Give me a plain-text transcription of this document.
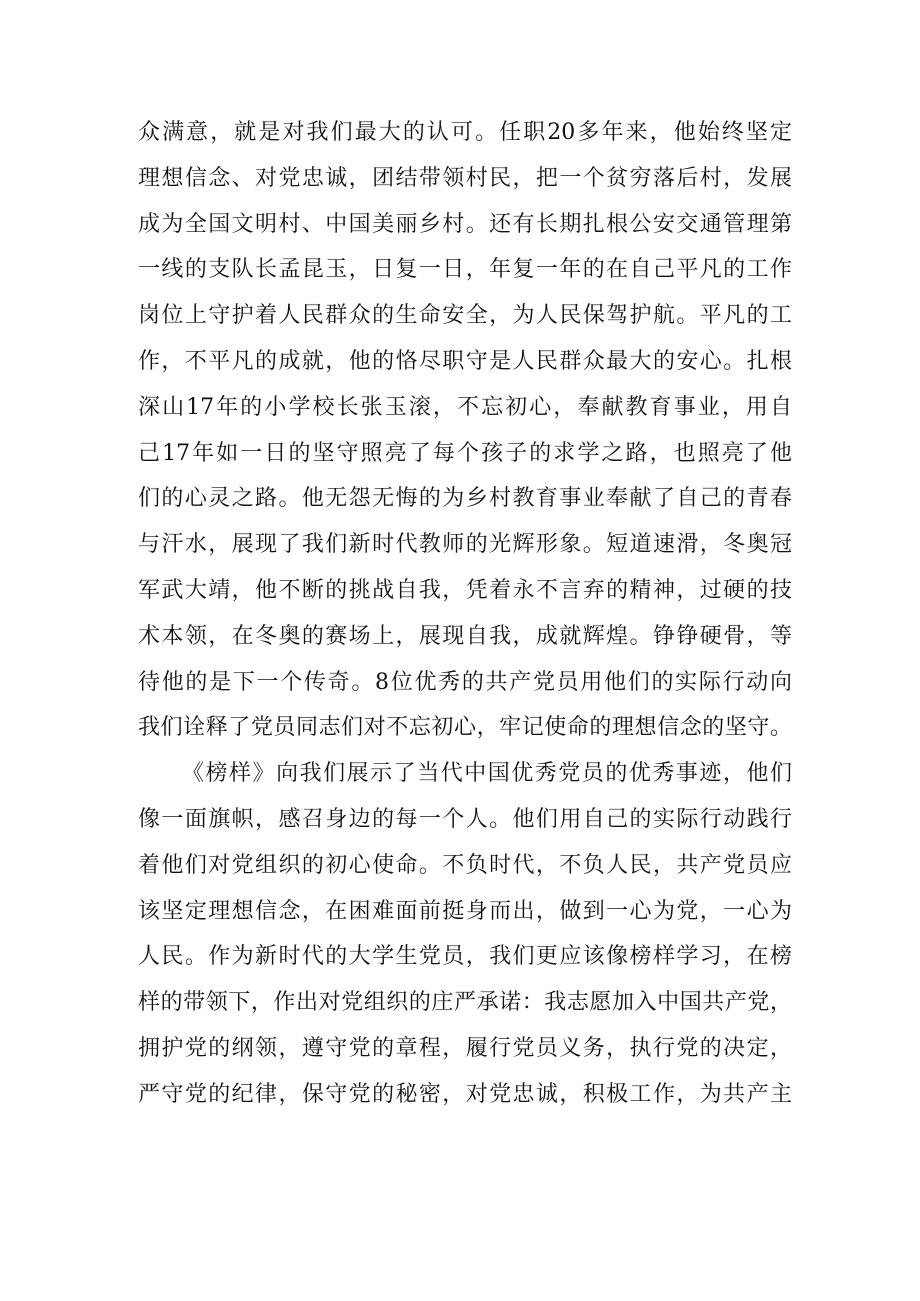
众满意，就是对我们最大的认可。任职20多年来，他始终坚定
理想信念、对党忠诚，团结带领村民，把一个贫穷落后村，发展
成为全国文明村、中国美丽乡村。还有长期扎根公安交通管理第
一线的支队长孟昆玉，日复一日，年复一年的在自己平凡的工作
岗位上守护着人民群众的生命安全，为人民保驾护航。平凡的工
作，不平凡的成就，他的恪尽职守是人民群众最大的安心。扎根
深山17年的小学校长张玉滚，不忘初心，奉献教育事业，用自
己17年如一日的坚守照亮了每个孩子的求学之路，也照亮了他
们的心灵之路。他无怨无悔的为乡村教育事业奉献了自己的青春
与汗水，展现了我们新时代教师的光辉形象。短道速滑，冬奥冠
军武大靖，他不断的挑战自我，凭着永不言弃的精神，过硬的技
术本领，在冬奥的赛场上，展现自我，成就辉煌。铮铮硬骨，等
待他的是下一个传奇。8位优秀的共产党员用他们的实际行动向
我们诠释了党员同志们对不忘初心，牢记使命的理想信念的坚守。
《榜样》向我们展示了当代中国优秀党员的优秀事迹，他们
像一面旗帜，感召身边的每一个人。他们用自己的实际行动践行
着他们对党组织的初心使命。不负时代，不负人民，共产党员应
该坚定理想信念，在困难面前挺身而出，做到一心为党，一心为
人民。作为新时代的大学生党员，我们更应该像榜样学习，在榜
样的带领下，作出对党组织的庄严承诺：我志愿加入中国共产党，
拥护党的纲领，遵守党的章程，履行党员义务，执行党的决定，
严守党的纪律，保守党的秘密，对党忠诚，积极工作，为共产主
